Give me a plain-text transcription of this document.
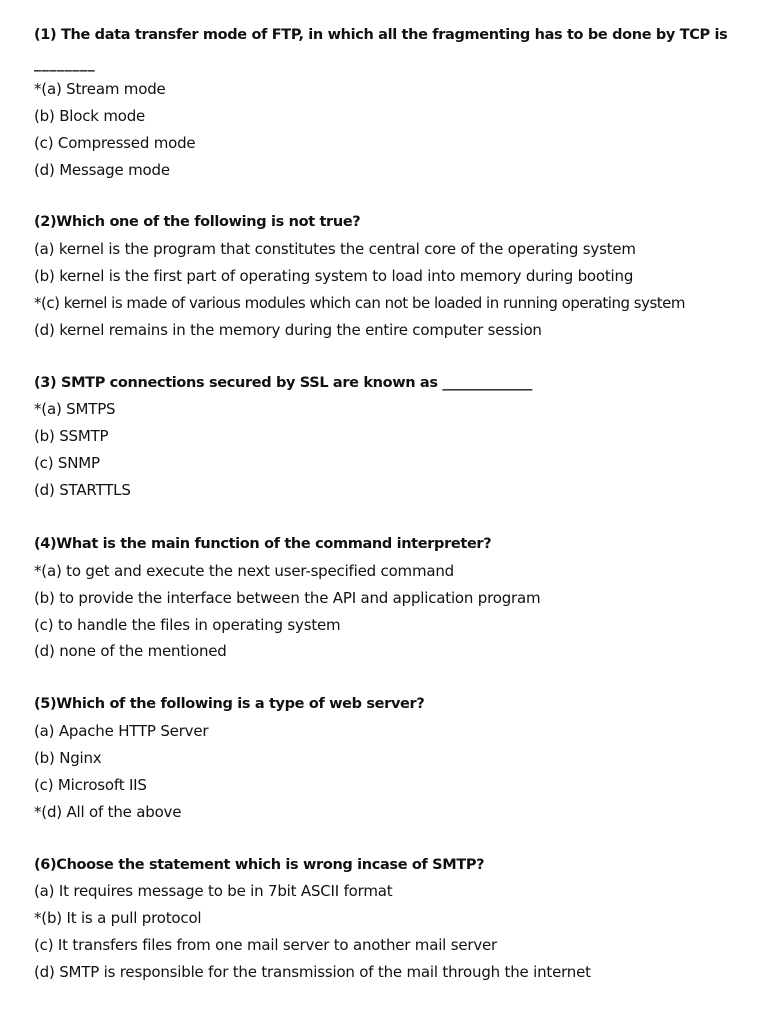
(1) The data transfer mode of FTP, in which all the fragmenting has to be done by TCP is
________
*(a) Stream mode
(b) Block mode
(c) Compressed mode
(d) Message mode
(2)Which one of the following is not true?
(a) kernel is the program that constitutes the central core of the operating system
(b) kernel is the first part of operating system to load into memory during booting
*(c) kernel is made of various modules which can not be loaded in running operating system
(d) kernel remains in the memory during the entire computer session
(3) SMTP connections secured by SSL are known as _____________
*(a) SMTPS
(b) SSMTP
(c) SNMP
(d) STARTTLS
(4)What is the main function of the command interpreter?
*(a) to get and execute the next user-specified command
(b) to provide the interface between the API and application program
(c) to handle the files in operating system
(d) none of the mentioned
(5)Which of the following is a type of web server?
(a) Apache HTTP Server
(b) Nginx
(c) Microsoft IIS
*(d) All of the above
(6)Choose the statement which is wrong incase of SMTP?
(a) It requires message to be in 7bit ASCII format
*(b) It is a pull protocol
(c) It transfers files from one mail server to another mail server
(d) SMTP is responsible for the transmission of the mail through the internet
